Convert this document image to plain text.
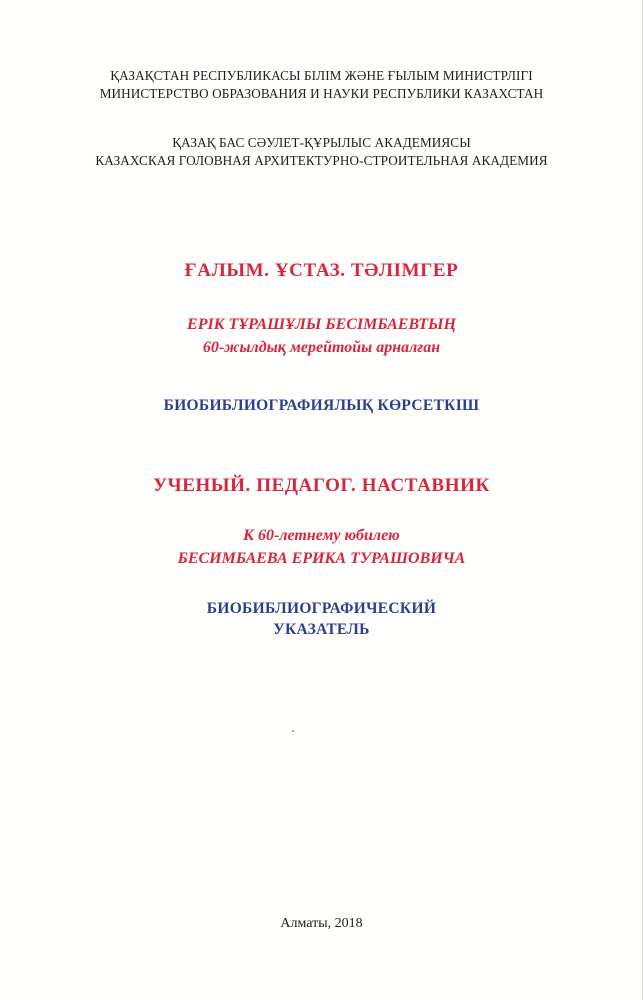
ҚАЗАҚСТАН РЕСПУБЛИКАСЫ БІЛІМ ЖӘНЕ ҒЫЛЫМ МИНИСТРЛІГІ
МИНИСТЕРСТВО ОБРАЗОВАНИЯ И НАУКИ РЕСПУБЛИКИ КАЗАХСТАН
ҚАЗАҚ БАС СӘУЛЕТ-ҚҰРЫЛЫС АКАДЕМИЯСЫ
КАЗАХСКАЯ ГОЛОВНАЯ АРХИТЕКТУРНО-СТРОИТЕЛЬНАЯ АКАДЕМИЯ
ҒАЛЫМ. ҰСТАЗ. ТӘЛІМГЕР
ЕРІК ТҰРАШҰЛЫ БЕСІМБАЕВТЫҢ
60-жылдық мерейтойы арналған
БИОБИБЛИОГРАФИЯЛЫҚ КӨРСЕТКІШ
УЧЕНЫЙ. ПЕДАГОГ. НАСТАВНИК
К 60-летнему юбилею
БЕСИМБАЕВА ЕРИКА ТУРАШОВИЧА
БИОБИБЛИОГРАФИЧЕСКИЙ
УКАЗАТЕЛЬ
Алматы, 2018
